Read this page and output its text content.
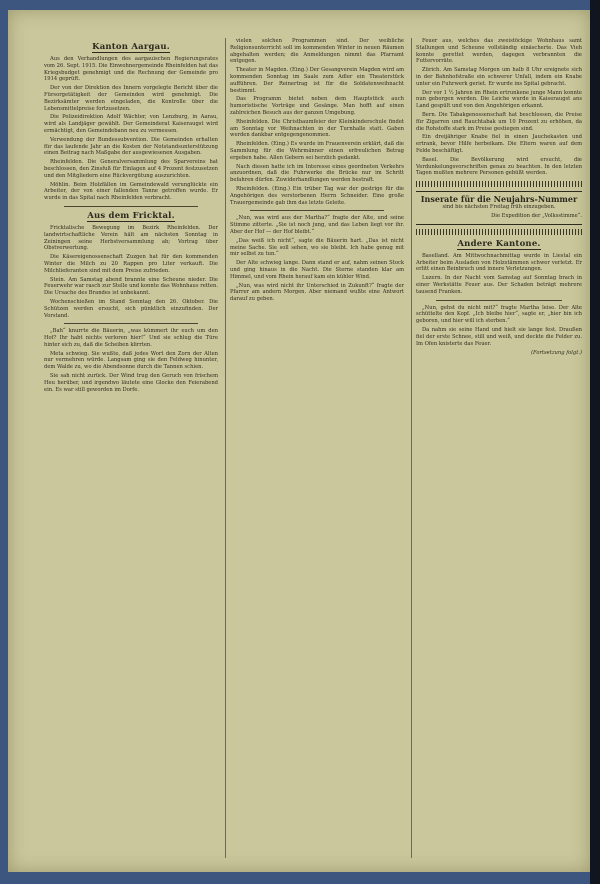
Kanton Aargau.

Aus den Verhandlungen des aargauischen Regierungsrates vom 26. Sept. 1915. Die Einwohnergemeinde Rheinfelden hat das Kriegsbudget genehmigt und die Rechnung der Gemeinde pro 1914 geprüft.

Der von der Direktion des Innern vorgelegte Bericht über die Fürsorgetätigkeit der Gemeinden wird genehmigt. Die Bezirksämter werden eingeladen, die Kontrolle über die Lebensmittelpreise fortzusetzen.

Die Polizeidirektion Adolf Wächter, von Lenzburg, in Aarau, wird als Landjäger gewählt. Der Gemeinderat Kaiseraugst wird ermächtigt, den Gemeindebann neu zu vermessen.

Verwendung der Bundessubvention. Die Gemeinden erhalten für das laufende Jahr an die Kosten der Notstandsunterstützung einen Beitrag nach Maßgabe der ausgewiesenen Ausgaben.

Rheinfelden. Die Generalversammlung des Sparvereins hat beschlossen, den Zinsfuß für Einlagen auf 4 Prozent festzusetzen und den Mitgliedern eine Rückvergütung auszurichten.

Möhlin. Beim Holzfällen im Gemeindewald verunglückte ein Arbeiter, der von einer fallenden Tanne getroffen wurde. Er wurde in das Spital nach Rheinfelden verbracht.

Aus dem Fricktal.

Fricktalische Bewegung im Bezirk Rheinfelden. Der landwirtschaftliche Verein hält am nächsten Sonntag in Zeiningen seine Herbstversammlung ab; Vortrag über Obstverwertung.

Die Käsereigenossenschaft Zuzgen hat für den kommenden Winter die Milch zu 20 Rappen pro Liter verkauft. Die Milchlieferanten sind mit dem Preise zufrieden.

Stein. Am Samstag abend brannte eine Scheune nieder. Die Feuerwehr war rasch zur Stelle und konnte das Wohnhaus retten. Die Ursache des Brandes ist unbekannt.

Wochenschießen im Stand Sonntag den 26. Oktober. Die Schützen werden ersucht, sich pünktlich einzufinden. Der Vorstand.

„Bah“ knurrte die Bäuerin, „was kümmert ihr euch um den Hof? Ihr habt nichts verloren hier!“ Und sie schlug die Türe hinter sich zu, daß die Scheiben klirrten.

Meta schwieg. Sie wußte, daß jedes Wort den Zorn der Alten nur vermehren würde. Langsam ging sie den Feldweg hinunter, dem Walde zu, wo die Abendsonne durch die Tannen schien.

Sie sah nicht zurück. Der Wind trug den Geruch von frischem Heu herüber, und irgendwo läutete eine Glocke den Feierabend ein. Es war still geworden im Dorfe.

vielen solchen Programmen sind. Der weibliche Religionsunterricht soll im kommenden Winter in neuen Räumen abgehalten werden; die Anmeldungen nimmt das Pfarramt entgegen.

Theater in Magden. (Eing.) Der Gesangverein Magden wird am kommenden Sonntag im Saale zum Adler ein Theaterstück aufführen. Der Reinertrag ist für die Soldatenweihnacht bestimmt.

Das Programm bietet neben dem Hauptstück auch humoristische Vorträge und Gesänge. Man hofft auf einen zahlreichen Besuch aus der ganzen Umgebung.

Rheinfelden. Die Christbaumfeier der Kleinkinderschule findet am Sonntag vor Weihnachten in der Turnhalle statt. Gaben werden dankbar entgegengenommen.

Rheinfelden. (Eing.) Es wurde im Frauenverein erklärt, daß die Sammlung für die Wehrmänner einen erfreulichen Betrag ergeben habe. Allen Gebern sei herzlich gedankt.

Nach diesen hatte ich im Interesse eines geordneten Verkehrs anzuordnen, daß die Fuhrwerke die Brücke nur im Schritt befahren dürfen. Zuwiderhandlungen werden bestraft.

Rheinfelden. (Eing.) Ein trüber Tag war der gestrige für die Angehörigen des verstorbenen Herrn Schneider. Eine große Trauergemeinde gab ihm das letzte Geleite.

„Nun, was wird aus der Martha?“ fragte der Alte, und seine Stimme zitterte. „Sie ist noch jung, und das Leben liegt vor ihr. Aber der Hof — der Hof bleibt.“

„Das weiß ich nicht“, sagte die Bäuerin hart. „Das ist nicht meine Sache. Sie soll sehen, wo sie bleibt. Ich habe genug mit mir selbst zu tun.“

Der Alte schwieg lange. Dann stand er auf, nahm seinen Stock und ging hinaus in die Nacht. Die Sterne standen klar am Himmel, und vom Rhein herauf kam ein kühler Wind.

„Nun, was wird nicht ihr Unterschied in Zukunft?“ fragte der Pfarrer am andern Morgen. Aber niemand wußte eine Antwort darauf zu geben.

Feuer aus, welches das zweistöckige Wohnhaus samt Stallungen und Scheune vollständig einäscherte. Das Vieh konnte gerettet werden, dagegen verbrannten die Futtervorräte.

Zürich. Am Samstag Morgen um halb 8 Uhr ereignete sich in der Bahnhofstraße ein schwerer Unfall, indem ein Knabe unter ein Fuhrwerk geriet. Er wurde ins Spital gebracht.

Der vor 1 ½ Jahren im Rhein ertrunkene junge Mann konnte nun geborgen werden. Die Leiche wurde in Kaiseraugst ans Land gespült und von den Angehörigen erkannt.

Bern. Die Tabakgenossenschaft hat beschlossen, die Preise für Zigarren und Rauchtabak um 10 Prozent zu erhöhen, da die Rohstoffe stark im Preise gestiegen sind.

Ein dreijähriger Knabe fiel in einen Jauchekasten und ertrank, bevor Hilfe herbeikam. Die Eltern waren auf dem Felde beschäftigt.

Basel. Die Bevölkerung wird ersucht, die Verdunkelungsvorschriften genau zu beachten. In den letzten Tagen mußten mehrere Personen gebüßt werden.

Inserate für die Neujahrs-Nummer

sind bis nächsten Freitag früh einzugeben.

Die Expedition der „Volksstimme“.

Andere Kantone.

Baselland. Am Mittwochnachmittag wurde in Liestal ein Arbeiter beim Ausladen von Holzstämmen schwer verletzt. Er erlitt einen Beinbruch und innere Verletzungen.

Luzern. In der Nacht vom Samstag auf Sonntag brach in einer Werkstätte Feuer aus. Der Schaden beträgt mehrere tausend Franken.

„Nun, gehst du nicht mit?“ fragte Martha leise. Der Alte schüttelte den Kopf. „Ich bleibe hier“, sagte er, „hier bin ich geboren, und hier will ich sterben.“

Da nahm sie seine Hand und hielt sie lange fest. Draußen fiel der erste Schnee, still und weiß, und deckte die Felder zu. Im Ofen knisterte das Feuer.

(Fortsetzung folgt.)
